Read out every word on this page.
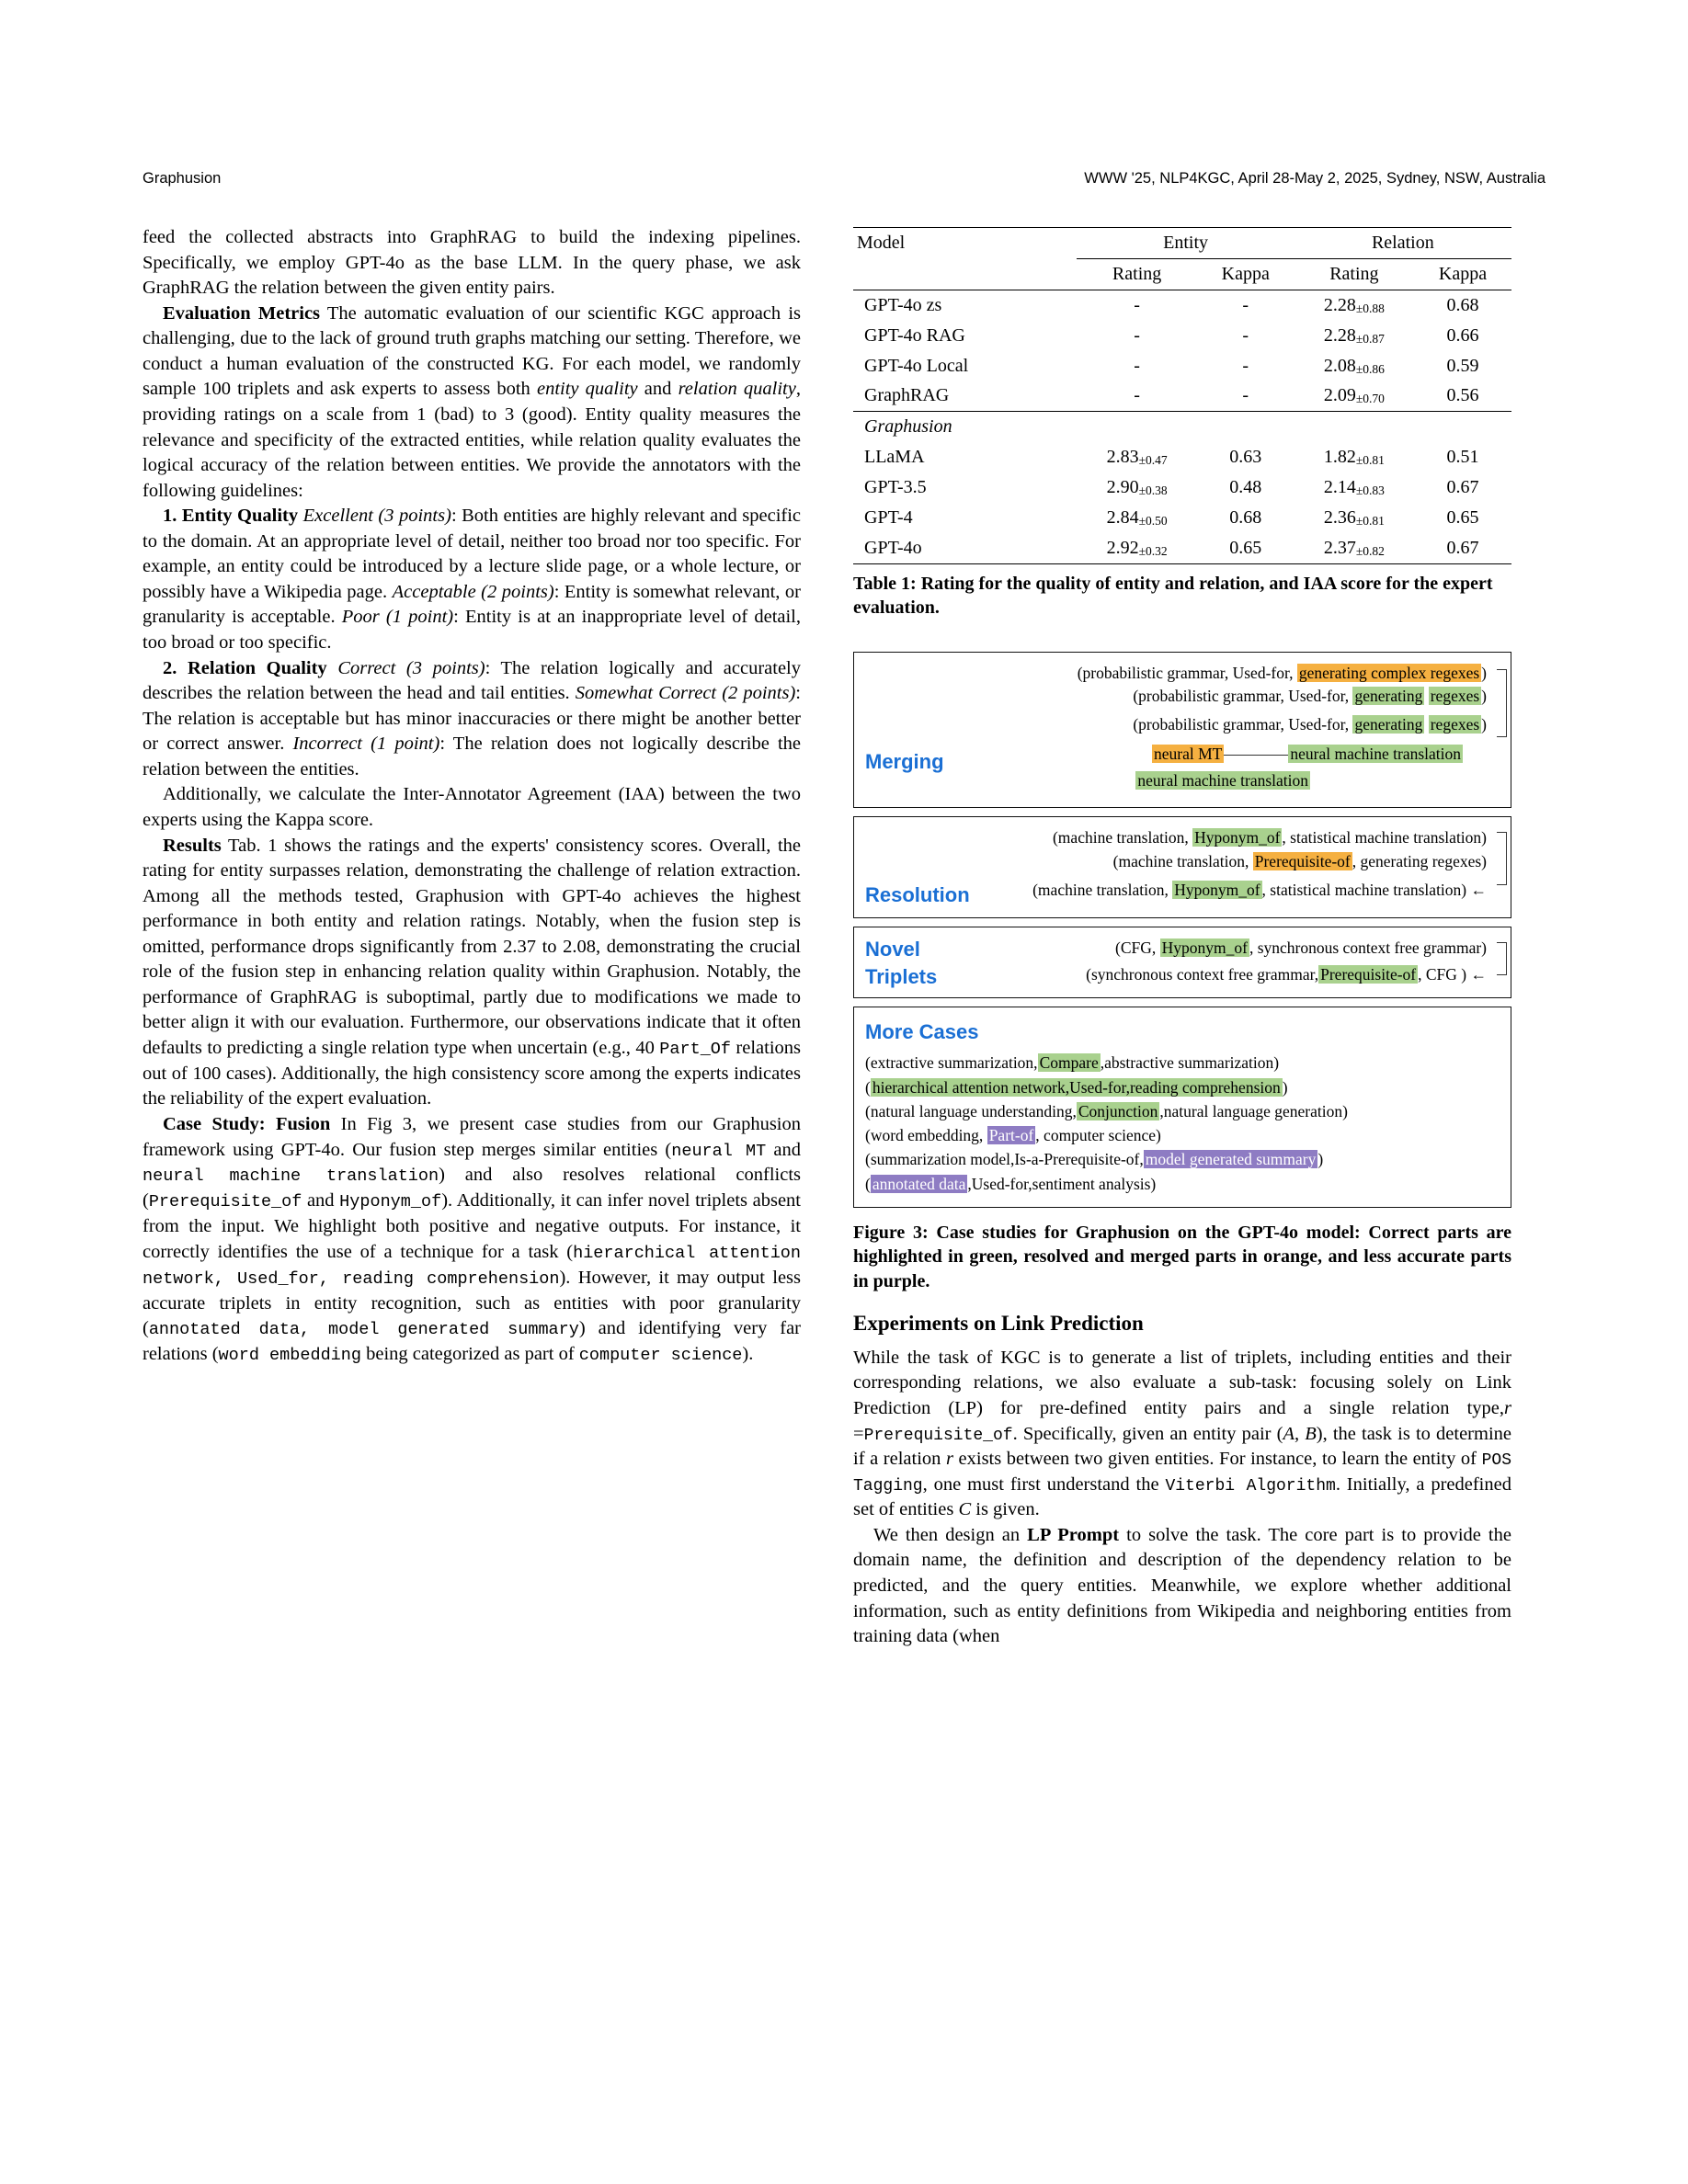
Graphusion	WWW '25, NLP4KGC, April 28-May 2, 2025, Sydney, NSW, Australia

feed the collected abstracts into GraphRAG to build the indexing pipelines. Specifically, we employ GPT-4o as the base LLM. In the query phase, we ask GraphRAG the relation between the given entity pairs.

Evaluation Metrics The automatic evaluation of our scientific KGC approach is challenging, due to the lack of ground truth graphs matching our setting. Therefore, we conduct a human evaluation of the constructed KG. For each model, we randomly sample 100 triplets and ask experts to assess both entity quality and relation quality, providing ratings on a scale from 1 (bad) to 3 (good). Entity quality measures the relevance and specificity of the extracted entities, while relation quality evaluates the logical accuracy of the relation between entities. We provide the annotators with the following guidelines:

1. Entity Quality Excellent (3 points): Both entities are highly relevant and specific to the domain. At an appropriate level of detail, neither too broad nor too specific. For example, an entity could be introduced by a lecture slide page, or a whole lecture, or possibly have a Wikipedia page. Acceptable (2 points): Entity is somewhat relevant, or granularity is acceptable. Poor (1 point): Entity is at an inappropriate level of detail, too broad or too specific.

2. Relation Quality Correct (3 points): The relation logically and accurately describes the relation between the head and tail entities. Somewhat Correct (2 points): The relation is acceptable but has minor inaccuracies or there might be another better or correct answer. Incorrect (1 point): The relation does not logically describe the relation between the entities.

Additionally, we calculate the Inter-Annotator Agreement (IAA) between the two experts using the Kappa score.

Results Tab. 1 shows the ratings and the experts' consistency scores. Overall, the rating for entity surpasses relation, demonstrating the challenge of relation extraction. Among all the methods tested, Graphusion with GPT-4o achieves the highest performance in both entity and relation ratings. Notably, when the fusion step is omitted, performance drops significantly from 2.37 to 2.08, demonstrating the crucial role of the fusion step in enhancing relation quality within Graphusion. Notably, the performance of GraphRAG is suboptimal, partly due to modifications we made to better align it with our evaluation. Furthermore, our observations indicate that it often defaults to predicting a single relation type when uncertain (e.g., 40 Part_Of relations out of 100 cases). Additionally, the high consistency score among the experts indicates the reliability of the expert evaluation.

Case Study: Fusion In Fig 3, we present case studies from our Graphusion framework using GPT-4o. Our fusion step merges similar entities (neural MT and neural machine translation) and also resolves relational conflicts (Prerequisite_of and Hyponym_of). Additionally, it can infer novel triplets absent from the input. We highlight both positive and negative outputs. For instance, it correctly identifies the use of a technique for a task (hierarchical attention network, Used_for, reading comprehension). However, it may output less accurate triplets in entity recognition, such as entities with poor granularity (annotated data, model generated summary) and identifying very far relations (word embedding being categorized as part of computer science).

Model	Entity		Relation	

	Rating	Kappa	Rating	Kappa
GPT-4o zs	-	-	2.28±0.88	0.68
GPT-4o RAG	-	-	2.28±0.87	0.66
GPT-4o Local	-	-	2.08±0.86	0.59
GraphRAG	-	-	2.09±0.70	0.56
Graphusion				
LLaMA	2.83±0.47	0.63	1.82±0.81	0.51
GPT-3.5	2.90±0.38	0.48	2.14±0.83	0.67
GPT-4	2.84±0.50	0.68	2.36±0.81	0.65
GPT-4o	2.92±0.32	0.65	2.37±0.82	0.67
Table 1: Rating for the quality of entity and relation, and IAA score for the expert evaluation.
(probabilistic grammar, Used-for, generating complex regexes )
(probabilistic grammar, Used-for, generating regexes )
(probabilistic grammar, Used-for, generating regexes )
neural MT	neural machine translation
neural machine translation
Merging
(machine translation, Hyponym_of , statistical machine translation)
(machine translation, Prerequisite-of , generating regexes)
(machine translation, Hyponym_of , statistical machine translation) ←
Resolution
(CFG, Hyponym_of , synchronous context free grammar)
(synchronous context free grammar, Prerequisite-of , CFG ) ←
Novel
Triplets
More Cases
(extractive summarization, Compare ,abstractive summarization)
( hierarchical attention network,Used-for,reading comprehension )
(natural language understanding, Conjunction ,natural language generation)
(word embedding, Part-of , computer science)
(summarization model,Is-a-Prerequisite-of, model generated summary )
( annotated data ,Used-for,sentiment analysis)
Figure 3: Case studies for Graphusion on the GPT-4o model: Correct parts are highlighted in green, resolved and merged parts in orange, and less accurate parts in purple.
Experiments on Link Prediction

While the task of KGC is to generate a list of triplets, including entities and their corresponding relations, we also evaluate a sub-task: focusing solely on Link Prediction (LP) for pre-defined entity pairs and a single relation type,r =Prerequisite_of. Specifically, given an entity pair (A, B), the task is to determine if a relation r exists between two given entities. For instance, to learn the entity of POS Tagging, one must first understand the Viterbi Algorithm. Initially, a predefined set of entities C is given.

We then design an LP Prompt to solve the task. The core part is to provide the domain name, the definition and description of the dependency relation to be predicted, and the query entities. Meanwhile, we explore whether additional information, such as entity definitions from Wikipedia and neighboring entities from training data (when
